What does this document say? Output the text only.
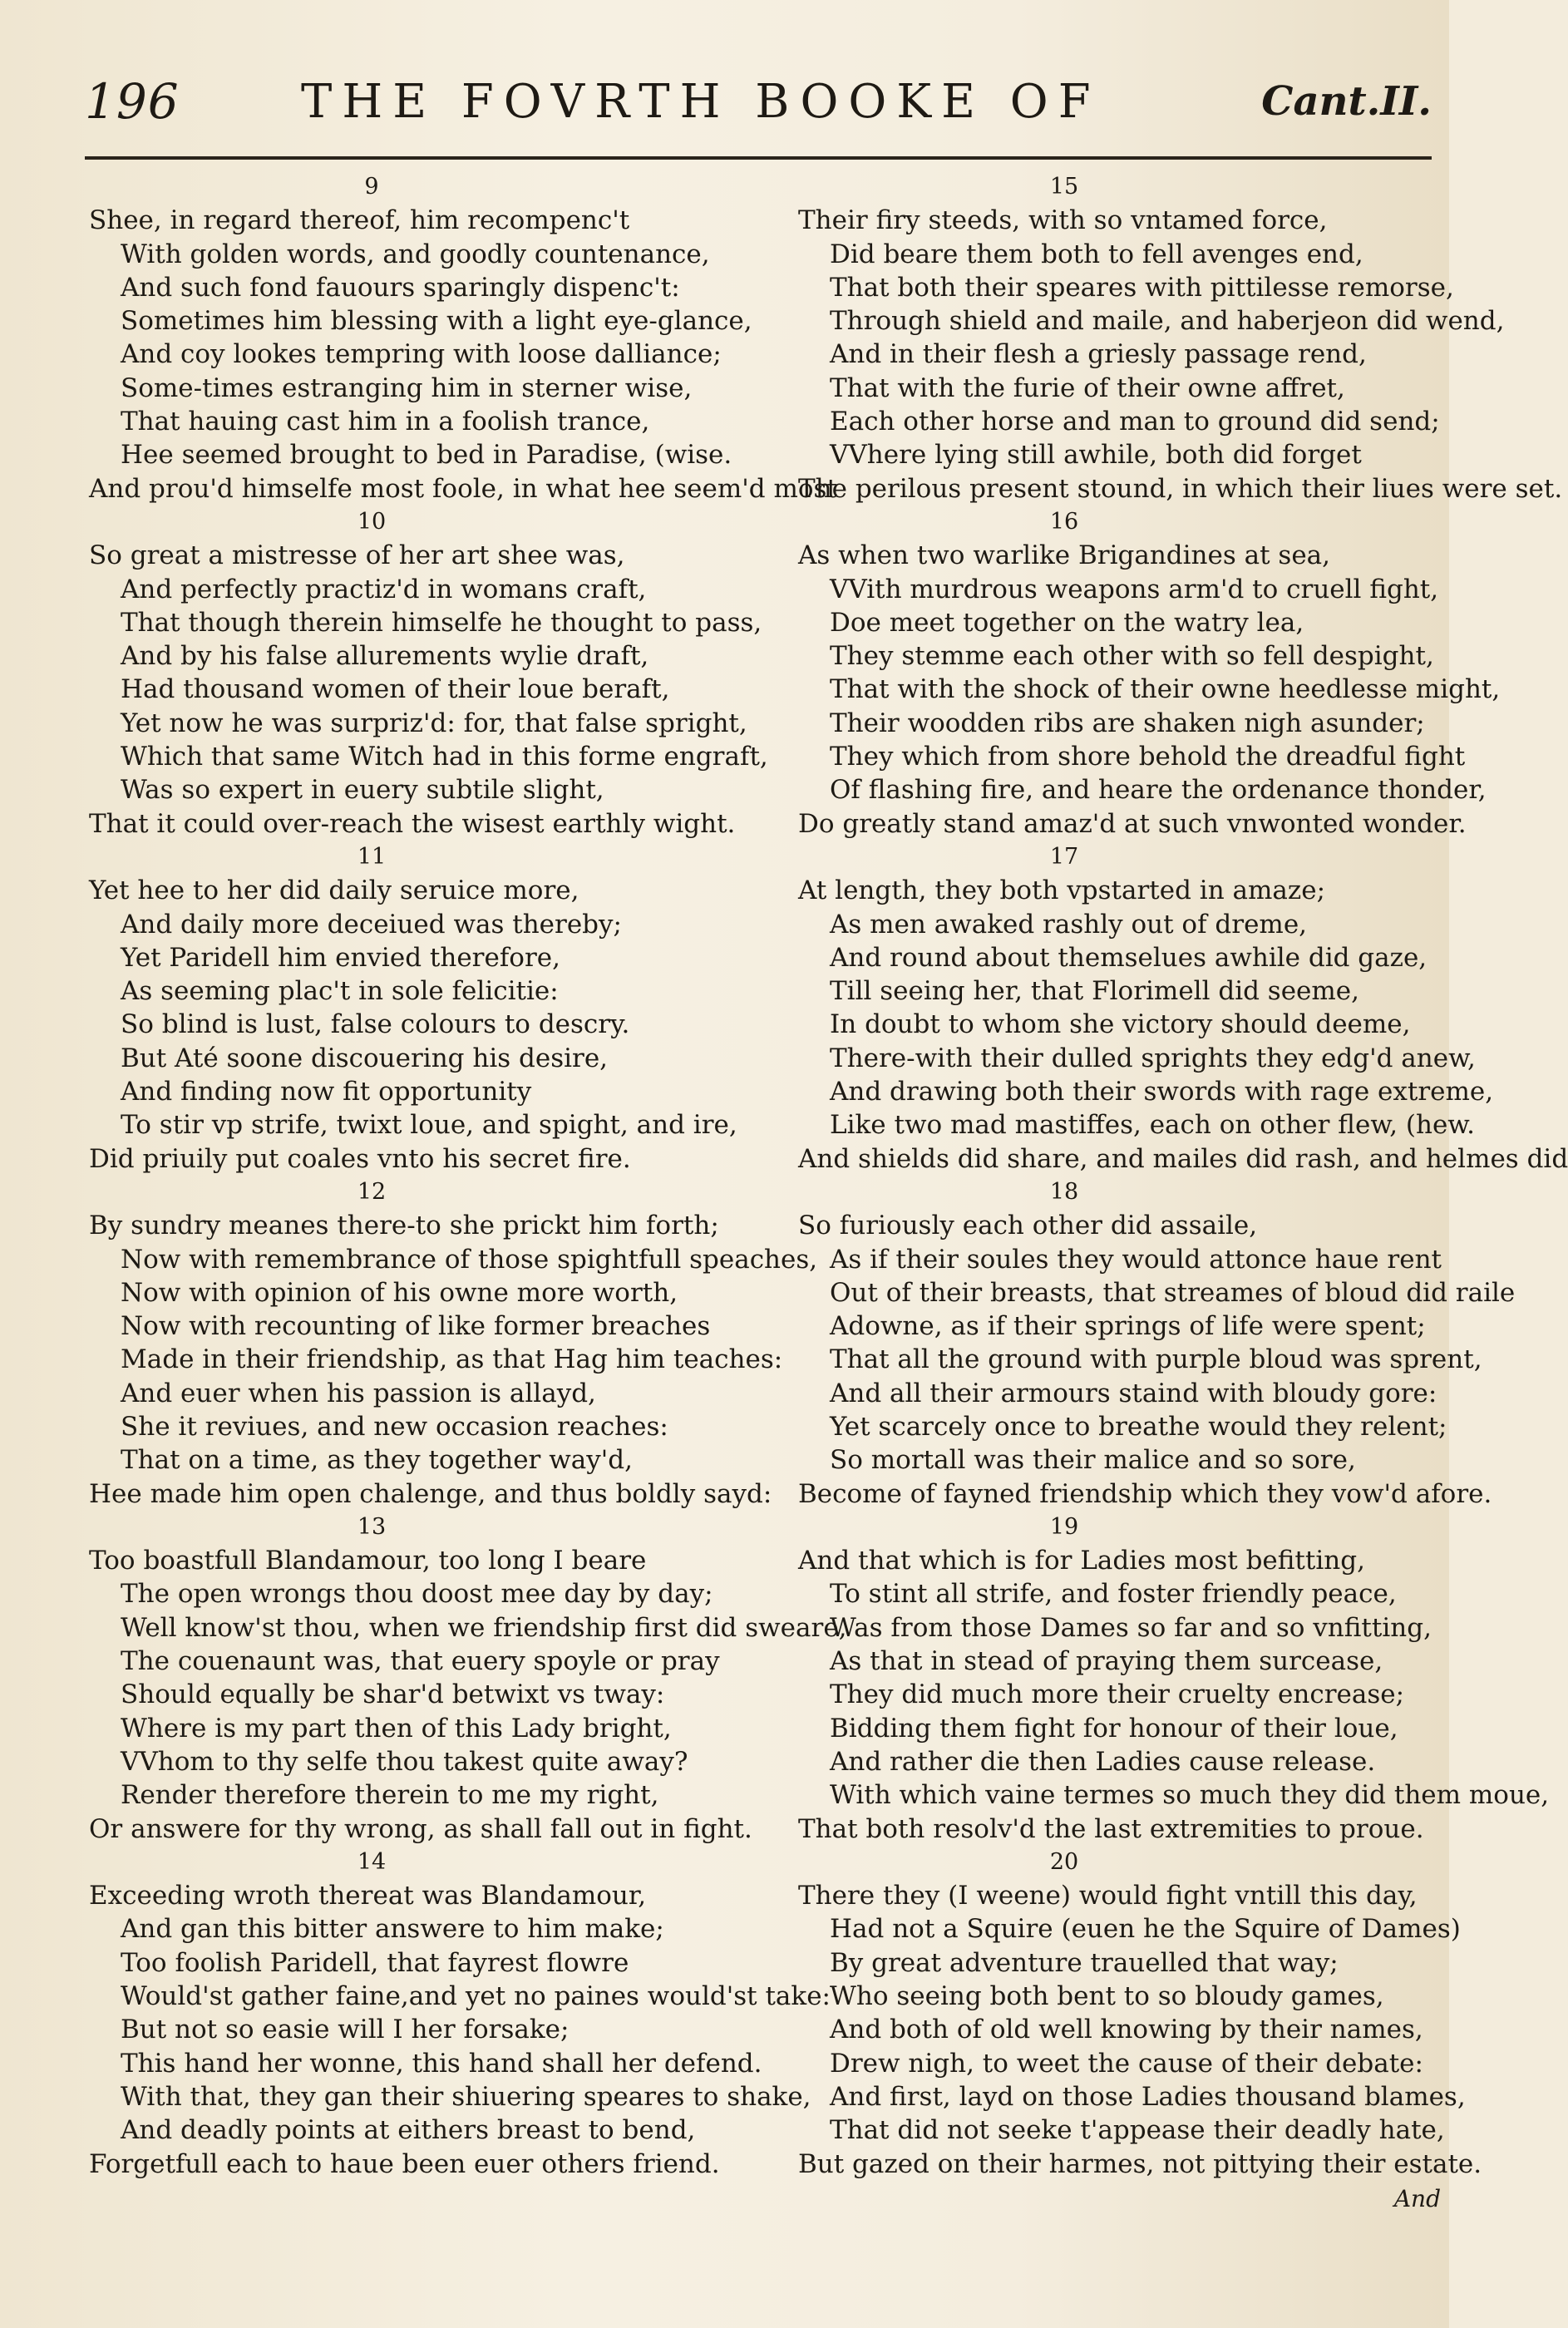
196	THE FOVRTH BOOKE OF	Cant.II.
9
Shee, in regard thereof, him recompenc't
With golden words, and goodly countenance,
And such fond fauours sparingly dispenc't:
Sometimes him blessing with a light eye-glance,
And coy lookes tempring with loose dalliance;
Some-times estranging him in sterner wise,
That hauing cast him in a foolish trance,
Hee seemed brought to bed in Paradise, (wise.
And prou'd himselfe most foole, in what hee seem'd most
10
So great a mistresse of her art shee was,
And perfectly practiz'd in womans craft,
That though therein himselfe he thought to pass,
And by his false allurements wylie draft,
Had thousand women of their loue beraft,
Yet now he was surpriz'd: for, that false spright,
Which that same Witch had in this forme engraft,
Was so expert in euery subtile slight,
That it could over-reach the wisest earthly wight.
11
Yet hee to her did daily seruice more,
And daily more deceiued was thereby;
Yet Paridell him envied therefore,
As seeming plac't in sole felicitie:
So blind is lust, false colours to descry.
But Até soone discouering his desire,
And finding now fit opportunity
To stir vp strife, twixt loue, and spight, and ire,
Did priuily put coales vnto his secret fire.
12
By sundry meanes there-to she prickt him forth;
Now with remembrance of those spightfull speaches,
Now with opinion of his owne more worth,
Now with recounting of like former breaches
Made in their friendship, as that Hag him teaches:
And euer when his passion is allayd,
She it reviues, and new occasion reaches:
That on a time, as they together way'd,
Hee made him open chalenge, and thus boldly sayd:
13
Too boastfull Blandamour, too long I beare
The open wrongs thou doost mee day by day;
Well know'st thou, when we friendship first did sweare,
The couenaunt was, that euery spoyle or pray
Should equally be shar'd betwixt vs tway:
Where is my part then of this Lady bright,
VVhom to thy selfe thou takest quite away?
Render therefore therein to me my right,
Or answere for thy wrong, as shall fall out in fight.
14
Exceeding wroth thereat was Blandamour,
And gan this bitter answere to him make;
Too foolish Paridell, that fayrest flowre
Would'st gather faine,and yet no paines would'st take:
But not so easie will I her forsake;
This hand her wonne, this hand shall her defend.
With that, they gan their shiuering speares to shake,
And deadly points at eithers breast to bend,
Forgetfull each to haue been euer others friend.
15
Their firy steeds, with so vntamed force,
Did beare them both to fell avenges end,
That both their speares with pittilesse remorse,
Through shield and maile, and haberjeon did wend,
And in their flesh a griesly passage rend,
That with the furie of their owne affret,
Each other horse and man to ground did send;
VVhere lying still awhile, both did forget
The perilous present stound, in which their liues were set.
16
As when two warlike Brigandines at sea,
VVith murdrous weapons arm'd to cruell fight,
Doe meet together on the watry lea,
They stemme each other with so fell despight,
That with the shock of their owne heedlesse might,
Their woodden ribs are shaken nigh asunder;
They which from shore behold the dreadful fight
Of flashing fire, and heare the ordenance thonder,
Do greatly stand amaz'd at such vnwonted wonder.
17
At length, they both vpstarted in amaze;
As men awaked rashly out of dreme,
And round about themselues awhile did gaze,
Till seeing her, that Florimell did seeme,
In doubt to whom she victory should deeme,
There-with their dulled sprights they edg'd anew,
And drawing both their swords with rage extreme,
Like two mad mastiffes, each on other flew, (hew.
And shields did share, and mailes did rash, and helmes did
18
So furiously each other did assaile,
As if their soules they would attonce haue rent
Out of their breasts, that streames of bloud did raile
Adowne, as if their springs of life were spent;
That all the ground with purple bloud was sprent,
And all their armours staind with bloudy gore:
Yet scarcely once to breathe would they relent;
So mortall was their malice and so sore,
Become of fayned friendship which they vow'd afore.
19
And that which is for Ladies most befitting,
To stint all strife, and foster friendly peace,
Was from those Dames so far and so vnfitting,
As that in stead of praying them surcease,
They did much more their cruelty encrease;
Bidding them fight for honour of their loue,
And rather die then Ladies cause release.
With which vaine termes so much they did them moue,
That both resolv'd the last extremities to proue.
20
There they (I weene) would fight vntill this day,
Had not a Squire (euen he the Squire of Dames)
By great adventure trauelled that way;
Who seeing both bent to so bloudy games,
And both of old well knowing by their names,
Drew nigh, to weet the cause of their debate:
And first, layd on those Ladies thousand blames,
That did not seeke t'appease their deadly hate,
But gazed on their harmes, not pittying their estate.
And
